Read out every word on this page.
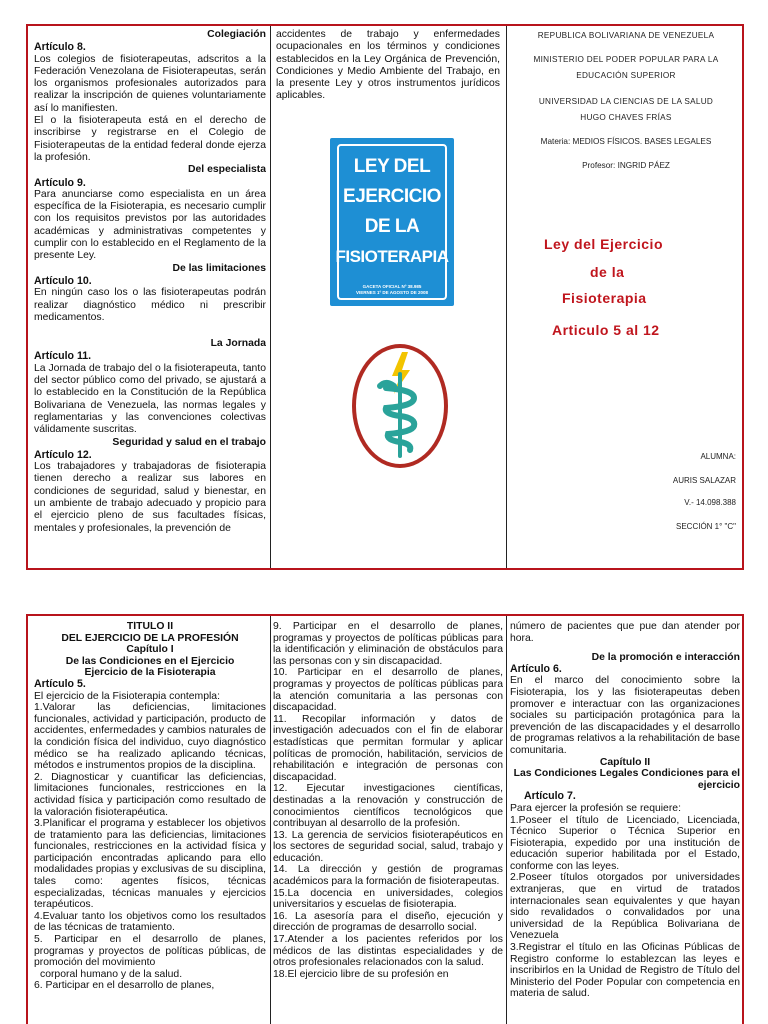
Colegiación

Artículo 8.

Los colegios de fisioterapeutas, adscritos a la Federación Venezolana de Fisioterapeutas, serán los organismos profesionales autorizados para realizar la inscripción de quienes voluntariamente así lo manifiesten.

El o la fisioterapeuta está en el derecho de inscribirse y registrarse en el Colegio de Fisioterapeutas de la entidad federal donde ejerza la profesión.

Del especialista

Artículo 9.

Para anunciarse como especialista en un área específica de la Fisioterapia, es necesario cumplir con los requisitos previstos por las autoridades académicas y administrativas competentes y cumplir con lo establecido en el Reglamento de la presente Ley.

De las limitaciones

Artículo 10.

En ningún caso los o las fisioterapeutas podrán realizar diagnóstico médico ni prescribir medicamentos.

La Jornada

Artículo 11.

La Jornada de trabajo del o la fisioterapeuta, tanto del sector público como del privado, se ajustará a lo establecido en la Constitución de la República Bolivariana de Venezuela, las normas legales y reglamentarias y las convenciones colectivas válidamente suscritas.

Seguridad y salud en el trabajo

Artículo 12.

Los trabajadores y trabajadoras de fisioterapia tienen derecho a realizar sus labores en condiciones de seguridad, salud y bienestar, en un ambiente de trabajo adecuado y propicio para el ejercicio pleno de sus facultades físicas, mentales y profesionales, la prevención de

accidentes de trabajo y enfermedades ocupacionales en los términos y condiciones establecidos en la Ley Orgánica de Prevención, Condiciones y Medio Ambiente del Trabajo, en la presente Ley y otros instrumentos jurídicos aplicables.

LEY DEL
EJERCICIO
DE LA
FISIOTERAPIA
GACETA OFICIAL Nº 38.985
VIERNES 1º DE AGOSTO DE 2008
REPUBLICA BOLIVARIANA DE VENEZUELA
MINISTERIO DEL PODER POPULAR PARA LA
EDUCACIÓN SUPERIOR
UNIVERSIDAD LA CIENCIAS DE LA SALUD
HUGO CHAVES FRÍAS
Materia: MEDIOS FÍSICOS. BASES LEGALES
Profesor: INGRID PÁEZ
Ley del Ejercicio
de la
Fisioterapia
Articulo 5 al 12
ALUMNA:
AURIS SALAZAR
V.- 14.098.388
SECCIÓN 1° "C"

TÍTULO II

DEL EJERCICIO DE LA PROFESIÓN

Capítulo I

De las Condiciones en el Ejercicio

Ejercicio de la Fisioterapia

Artículo 5.

El ejercicio de la Fisioterapia contempla:

1.Valorar las deficiencias, limitaciones funcionales, actividad y participación, producto de accidentes, enfermedades y cambios naturales de la condición física del individuo, cuyo diagnóstico médico se ha realizado aplicando técnicas, métodos e instrumentos propios de la disciplina.

2. Diagnosticar y cuantificar las deficiencias, limitaciones funcionales, restricciones en la actividad física y participación como resultado de la valoración fisioterapéutica.

3.Planificar el programa y establecer los objetivos de tratamiento para las deficiencias, limitaciones funcionales, restricciones en la actividad física y participación encontradas aplicando para ello modalidades propias y exclusivas de su disciplina, tales como: agentes físicos, técnicas especializadas, técnicas manuales y ejercicios terapéuticos.

4.Evaluar tanto los objetivos como los resultados de las técnicas de tratamiento.

5. Participar en el desarrollo de planes, programas y proyectos de políticas públicas, de promoción del movimiento

corporal humano y de la salud.

6. Participar en el desarrollo de planes,

9. Participar en el desarrollo de planes, programas y proyectos de políticas públicas para la identificación y eliminación de obstáculos para las personas con y sin discapacidad.

10. Participar en el desarrollo de planes, programas y proyectos de políticas públicas para la atención comunitaria a las personas con discapacidad.

11. Recopilar información y datos de investigación adecuados con el fin de elaborar estadísticas que permitan formular y aplicar políticas de promoción, habilitación, servicios de rehabilitación e integración de personas con discapacidad.

12. Ejecutar investigaciones científicas, destinadas a la renovación y construcción de conocimientos científicos tecnológicos que contribuyan al desarrollo de la profesión.

13. La gerencia de servicios fisioterapéuticos en los sectores de seguridad social, salud, trabajo y educación.

14. La dirección y gestión de programas académicos para la formación de fisioterapeutas.

15.La docencia en universidades, colegios universitarios y escuelas de fisioterapia.

16. La asesoría para el diseño, ejecución y dirección de programas de desarrollo social.

17.Atender a los pacientes referidos por los médicos de las distintas especialidades y de otros profesionales relacionados con la salud.

18.El ejercicio libre de su profesión en

número de pacientes que pue dan atender por hora.

De la promoción e interacción

Artículo 6.

En el marco del conocimiento sobre la Fisioterapia, los y las fisioterapeutas deben promover e interactuar con las organizaciones sociales su participación protagónica para la prevención de las discapacidades y el desarrollo de programas relativos a la rehabilitación de base comunitaria.

Capítulo II

Las Condiciones Legales Condiciones para el ejercicio

Artículo 7.

Para ejercer la profesión se requiere:

1.Poseer el título de Licenciado, Licenciada, Técnico Superior o Técnica Superior en Fisioterapia, expedido por una institución de educación superior habilitada por el Estado, conforme con las leyes.

2.Poseer títulos otorgados por universidades extranjeras, que en virtud de tratados internacionales sean equivalentes y que hayan sido revalidados o convalidados por una universidad de la República Bolivariana de Venezuela

3.Registrar el título en las Oficinas Públicas de Registro conforme lo establezcan las leyes e inscribirlos en la Unidad de Registro de Título del Ministerio del Poder Popular con competencia en materia de salud.
